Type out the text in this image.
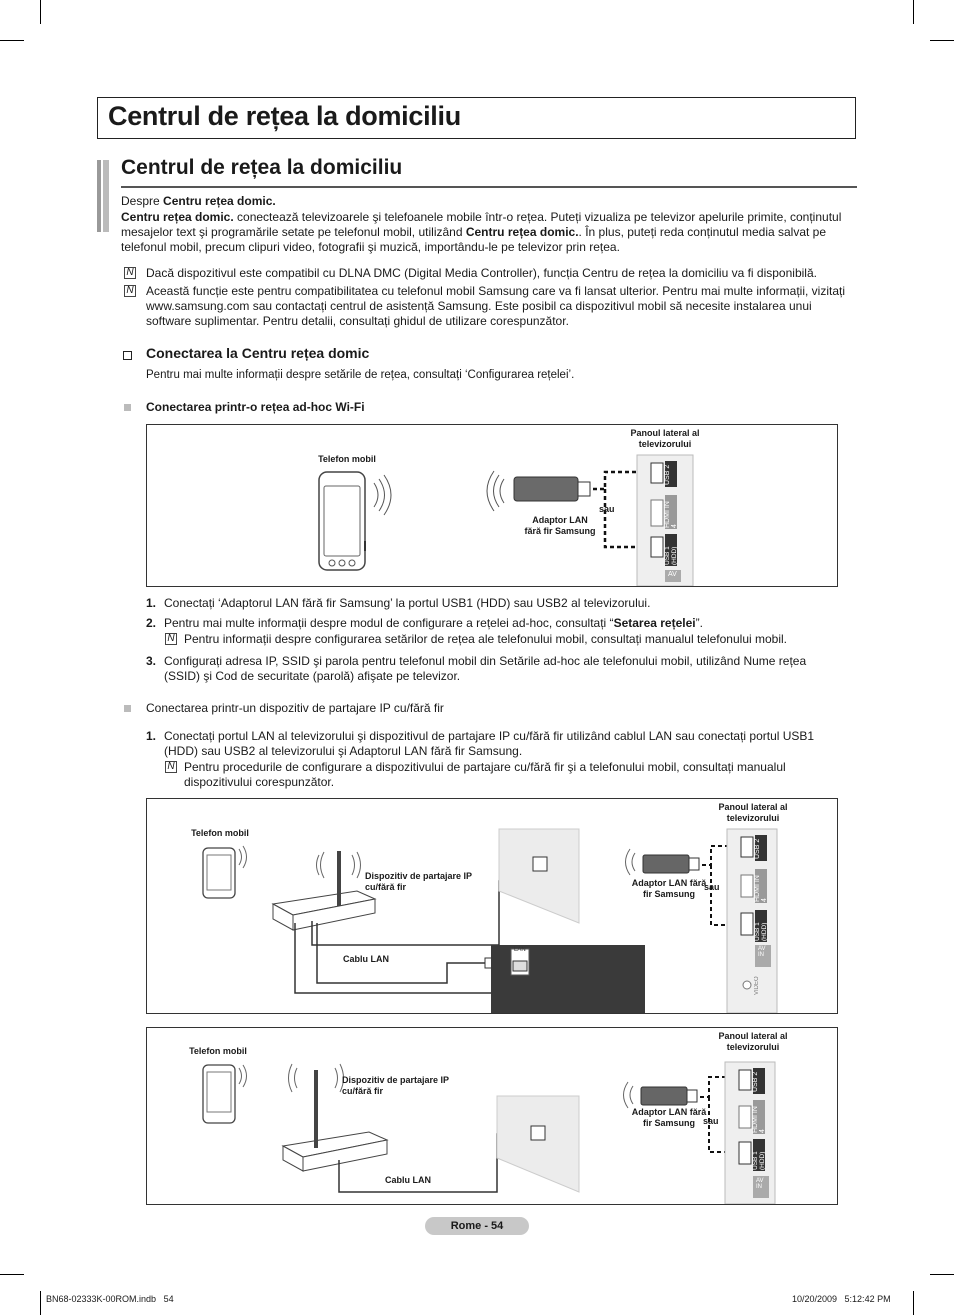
Centrul de rețea la domiciliu
Centrul de rețea la domiciliu
Despre Centru rețea domic.
Centru rețea domic. conectează televizoarele şi telefoanele mobile într-o rețea. Puteți vizualiza pe televizor apelurile primite, conținutul
mesajelor text şi programările setate pe telefonul mobil, utilizând Centru rețea domic.. În plus, puteți reda conținutul media salvat pe
telefonul mobil, precum clipuri video, fotografii şi muzică, importându-le pe televizor prin rețea.
N Dacă dispozitivul este compatibil cu DLNA DMC (Digital Media Controller), funcția Centru de rețea la domiciliu va fi disponibilă.
N Această funcție este pentru compatibilitatea cu telefonul mobil Samsung care va fi lansat ulterior. Pentru mai multe informații, vizitați
www.samsung.com sau contactați centrul de asistență Samsung. Este posibil ca dispozitivul mobil să necesite instalarea unui
software suplimentar. Pentru detalii, consultați ghidul de utilizare corespunzător.
Conectarea la Centru rețea domic
Pentru mai multe informații despre setările de rețea, consultați ‘Configurarea rețelei’.
Conectarea printr-o rețea ad-hoc Wi-Fi
Telefon mobil
Panoul lateral al televizorului
Adaptor LAN fără fir Samsung
sau
USB 2
HDMI IN 4
USB 1 (HDD)
AV
1. Conectați ‘Adaptorul LAN fără fir Samsung’ la portul USB1 (HDD) sau USB2 al televizorului.
2. Pentru mai multe informații despre modul de configurare a rețelei ad-hoc, consultați “Setarea rețelei”.
N Pentru informații despre configurarea setărilor de rețea ale telefonului mobil, consultați manualul telefonului mobil.
3. Configurați adresa IP, SSID şi parola pentru telefonul mobil din Setările ad-hoc ale telefonului mobil, utilizând Nume rețea
(SSID) şi Cod de securitate (parolă) afişate pe televizor.
Conectarea printr-un dispozitiv de partajare IP cu/fără fir
1. Conectați portul LAN al televizorului şi dispozitivul de partajare IP cu/fără fir utilizând cablul LAN sau conectați portul USB1
(HDD) sau USB2 al televizorului şi Adaptorul LAN fără fir Samsung.
N Pentru procedurile de configurare a dispozitivului de partajare cu/fără fir şi a telefonului mobil, consultați manualul
dispozitivului corespunzător.
Telefon mobil
Panoul lateral al televizorului
Dispozitiv de partajare IP cu/fără fir
Cablu LAN
Adaptor LAN fără fir Samsung
sau
LAN
USB 2
HDMI IN 4
USB 1 (HDD)
AV IN
VIDEO
Telefon mobil
Panoul lateral al televizorului
Dispozitiv de partajare IP cu/fără fir
Cablu LAN
Adaptor LAN fără fir Samsung sau
USB 2
HDMI IN 4
USB 1 (HDD)
AV IN
Rome - 54
BN68-02333K-00ROM.indb   54	10/20/2009   5:12:42 PM
